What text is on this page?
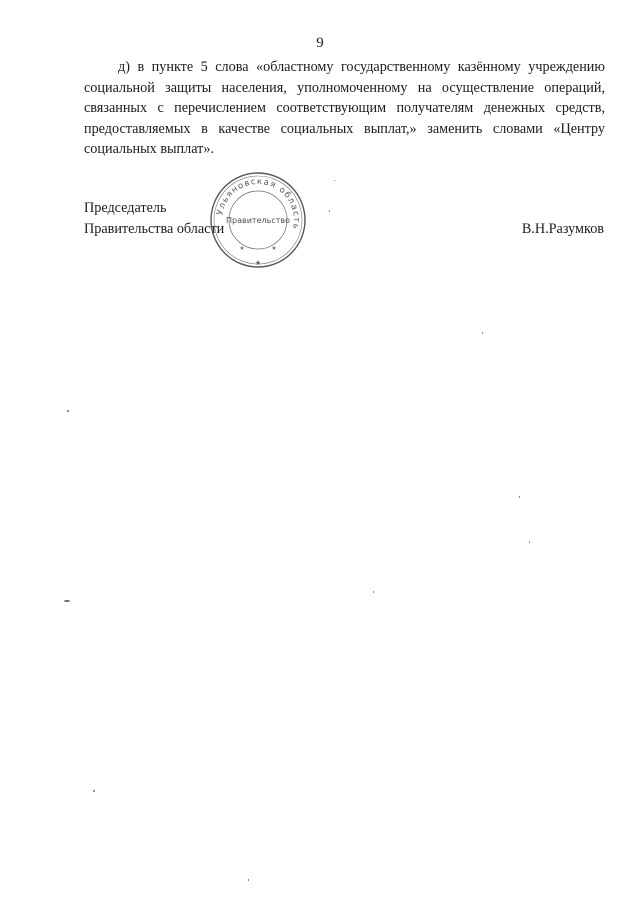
9

д) в пункте 5 слова «областному государственному казённому учреждению социальной защиты населения, уполномоченному на осуществление операций, связанных с перечислением соответствующим получателям денежных средств, предоставляемых в качестве социальных выплат,» заменить словами «Центру социальных выплат».

Председатель
Правительства области	В.Н.Разумков
Ульяновская область
Правительство
★
★	★
